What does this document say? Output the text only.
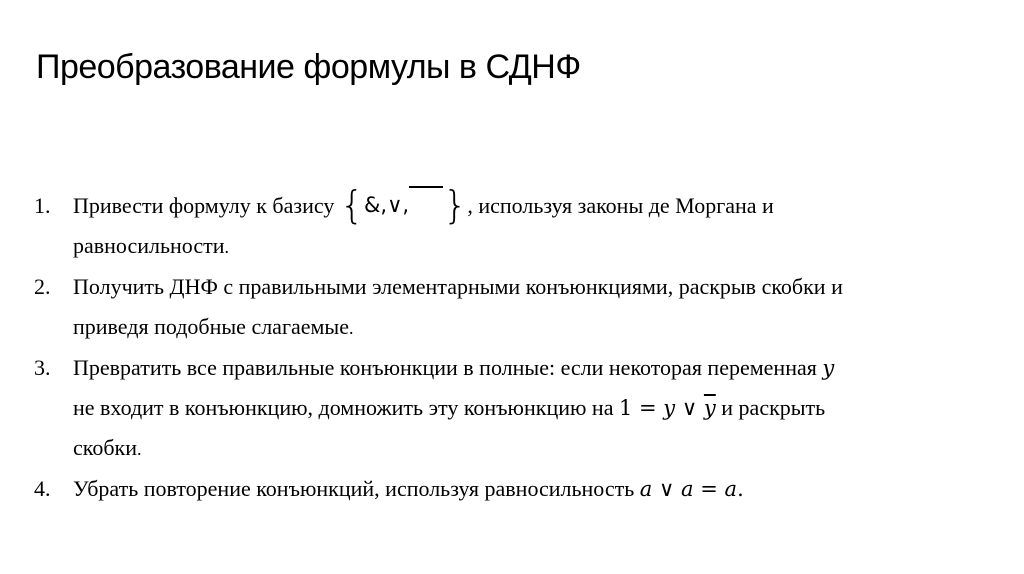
Преобразование формулы в СДНФ
1. Привести формулу к базису {&,∨, }, используя законы де Моргана и
равносильности.
2. Получить ДНФ с правильными элементарными конъюнкциями, раскрыв скобки и
приведя подобные слагаемые.
3. Превратить все правильные конъюнкции в полные: если некоторая переменная y
не входит в конъюнкцию, домножить эту конъюнкцию на 1 = y ∨ $\overline{y}$ и раскрыть
скобки.
4. Убрать повторение конъюнкций, используя равносильность a ∨ a = a.
